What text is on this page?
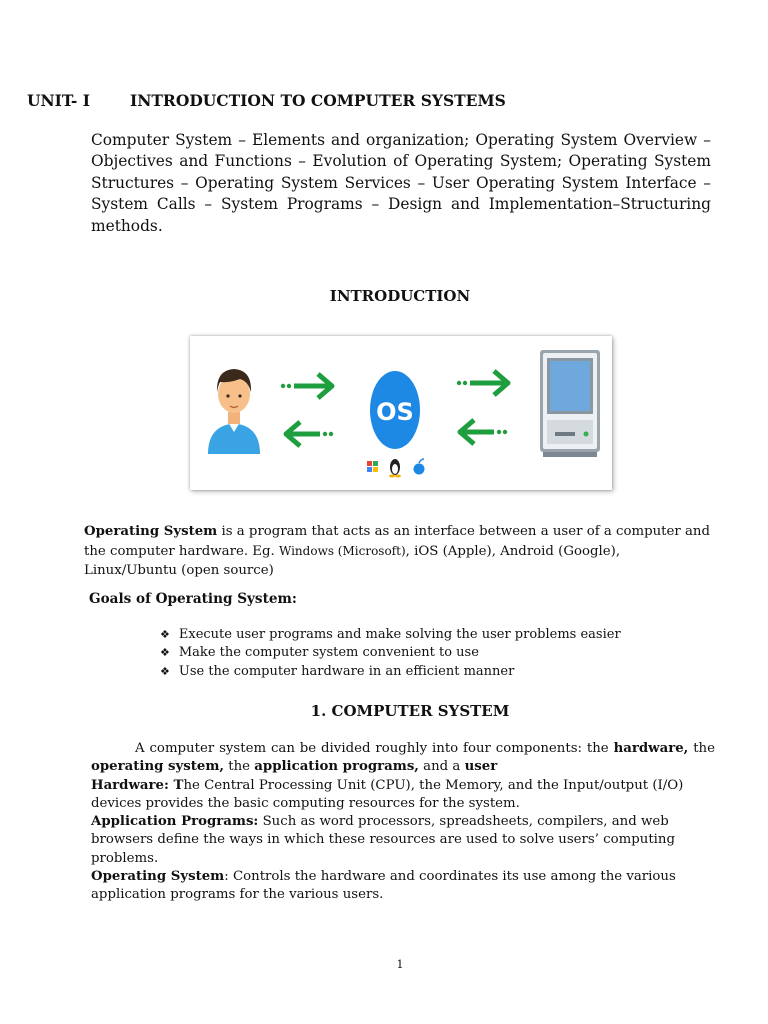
UNIT- I	INTRODUCTION TO COMPUTER SYSTEMS
Computer System – Elements and organization; Operating System Overview – Objectives and Functions – Evolution of Operating System; Operating System Structures – Operating System Services – User Operating System Interface – System Calls – System Programs – Design and Implementation–Structuring methods.
INTRODUCTION
OS
Operating System is a program that acts as an interface between a user of a computer and the computer hardware. Eg. Windows (Microsoft), iOS (Apple), Android (Google), Linux/Ubuntu (open source)
Goals of Operating System:
❖ Execute user programs and make solving the user problems easier
❖ Make the computer system convenient to use
❖ Use the computer hardware in an efficient manner
1. COMPUTER SYSTEM

A computer system can be divided roughly into four components: the hardware, the operating system, the application programs, and a user

Hardware: The Central Processing Unit (CPU), the Memory, and the Input/output (I/O) devices provides the basic computing resources for the system.

Application Programs: Such as word processors, spreadsheets, compilers, and web browsers define the ways in which these resources are used to solve users’ computing problems.

Operating System: Controls the hardware and coordinates its use among the various application programs for the various users.

1
